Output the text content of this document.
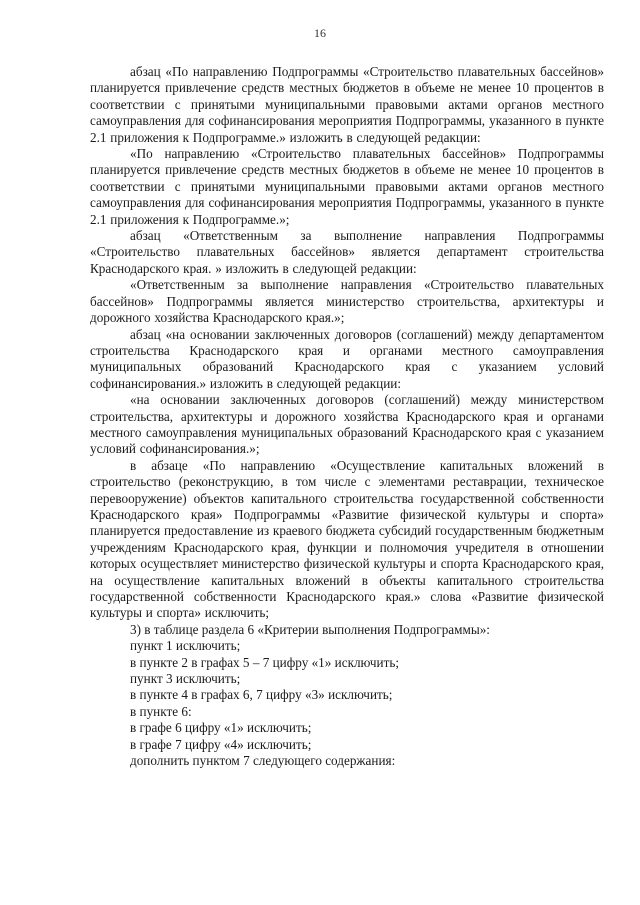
16

абзац «По направлению Подпрограммы «Строительство плавательных бассейнов» планируется привлечение средств местных бюджетов в объеме не менее 10 процентов в соответствии с принятыми муниципальными правовыми актами органов местного самоуправления для софинансирования мероприятия Подпрограммы, указанного в пункте 2.1 приложения к Подпрограмме.» изложить в следующей редакции:

«По направлению «Строительство плавательных бассейнов» Подпрограммы планируется привлечение средств местных бюджетов в объеме не менее 10 процентов в соответствии с принятыми муниципальными правовыми актами органов местного самоуправления для софинансирования мероприятия Подпрограммы, указанного в пункте 2.1 приложения к Подпрограмме.»;

абзац «Ответственным за выполнение направления Подпрограммы «Строительство плавательных бассейнов» является департамент строительства Краснодарского края. » изложить в следующей редакции:

«Ответственным за выполнение направления «Строительство плавательных бассейнов» Подпрограммы является министерство строительства, архитектуры и дорожного хозяйства Краснодарского края.»;

абзац «на основании заключенных договоров (соглашений) между департаментом строительства Краснодарского края и органами местного самоуправления муниципальных образований Краснодарского края с указанием условий софинансирования.» изложить в следующей редакции:

«на основании заключенных договоров (соглашений) между министерством строительства, архитектуры и дорожного хозяйства Краснодарского края и органами местного самоуправления муниципальных образований Краснодарского края с указанием условий софинансирования.»;

в абзаце «По направлению «Осуществление капитальных вложений в строительство (реконструкцию, в том числе с элементами реставрации, техническое перевооружение) объектов капитального строительства государственной собственности Краснодарского края» Подпрограммы «Развитие физической культуры и спорта» планируется предоставление из краевого бюджета субсидий государственным бюджетным учреждениям Краснодарского края, функции и полномочия учредителя в отношении которых осуществляет министерство физической культуры и спорта Краснодарского края, на осуществление капитальных вложений в объекты капитального строительства государственной собственности Краснодарского края.» слова «Развитие физической культуры и спорта» исключить;

3) в таблице раздела 6 «Критерии выполнения Подпрограммы»:

пункт 1 исключить;

в пункте 2 в графах 5 – 7 цифру «1» исключить;

пункт 3 исключить;

в пункте 4 в графах 6, 7 цифру «3» исключить;

в пункте 6:

в графе 6 цифру «1» исключить;

в графе 7 цифру «4» исключить;

дополнить пунктом 7 следующего содержания:
